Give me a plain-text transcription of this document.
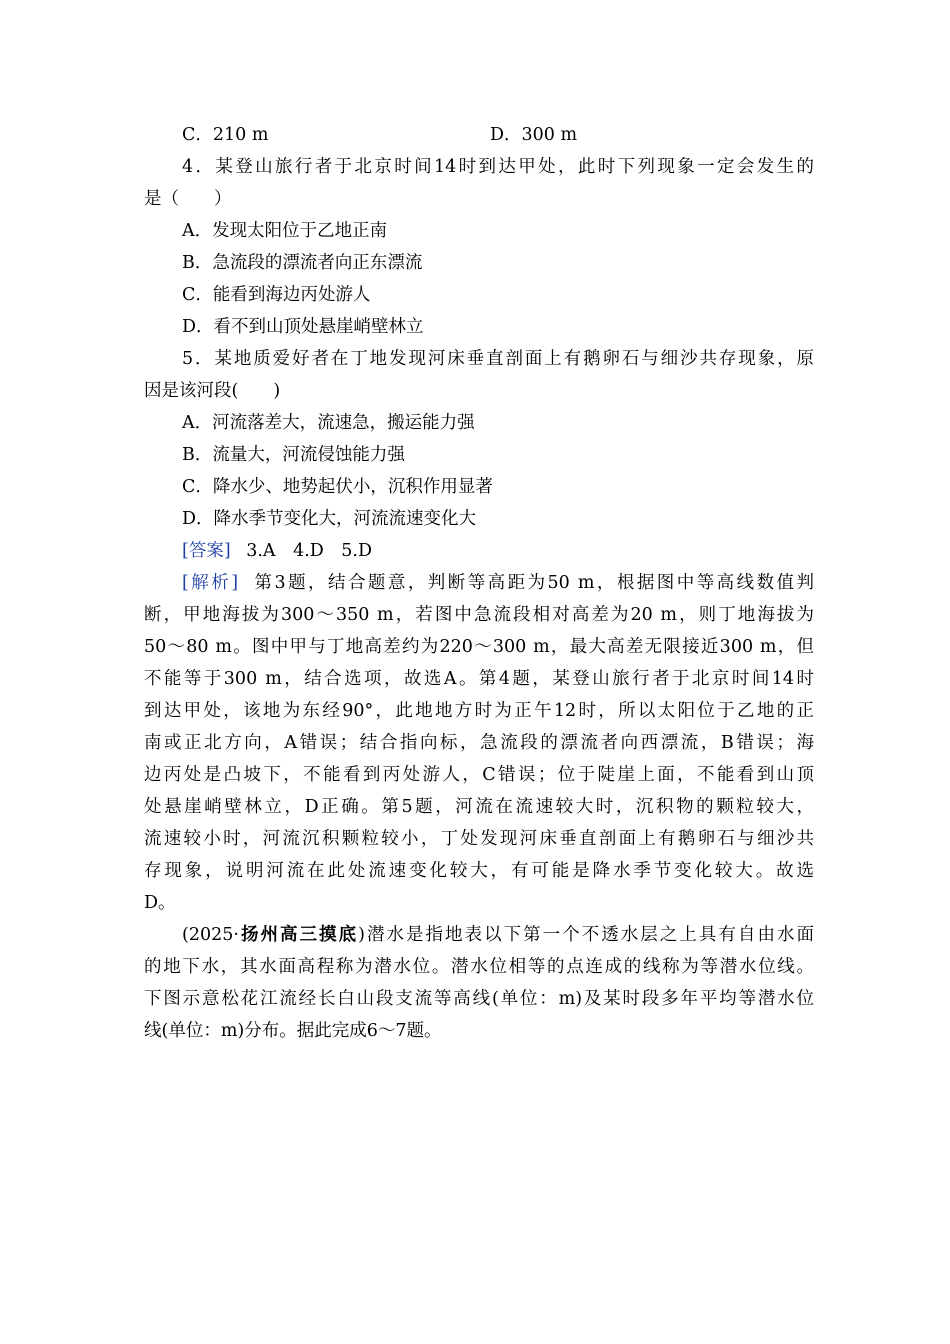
C．210 m	D．300 m
4．某登山旅行者于北京时间14时到达甲处，此时下列现象一定会发生的
是（　　）
A．发现太阳位于乙地正南
B．急流段的漂流者向正东漂流
C．能看到海边丙处游人
D．看不到山顶处悬崖峭壁林立
5．某地质爱好者在丁地发现河床垂直剖面上有鹅卵石与细沙共存现象，原
因是该河段(　　)
A．河流落差大，流速急，搬运能力强
B．流量大，河流侵蚀能力强
C．降水少、地势起伏小，沉积作用显著
D．降水季节变化大，河流流速变化大
[答案] 3.A　4.D　5.D
[解析] 第3题，结合题意，判断等高距为50 m，根据图中等高线数值判
断，甲地海拔为300～350 m，若图中急流段相对高差为20 m，则丁地海拔为
50～80 m。图中甲与丁地高差约为220～300 m，最大高差无限接近300 m，但
不能等于300 m，结合选项，故选A。第4题，某登山旅行者于北京时间14时
到达甲处，该地为东经90°，此地地方时为正午12时，所以太阳位于乙地的正
南或正北方向，A错误；结合指向标，急流段的漂流者向西漂流，B错误；海
边丙处是凸坡下，不能看到丙处游人，C错误；位于陡崖上面，不能看到山顶
处悬崖峭壁林立，D正确。第5题，河流在流速较大时，沉积物的颗粒较大，
流速较小时，河流沉积颗粒较小，丁处发现河床垂直剖面上有鹅卵石与细沙共
存现象，说明河流在此处流速变化较大，有可能是降水季节变化较大。故选
D。
(2025·扬州高三摸底)潜水是指地表以下第一个不透水层之上具有自由水面
的地下水，其水面高程称为潜水位。潜水位相等的点连成的线称为等潜水位线。
下图示意松花江流经长白山段支流等高线(单位：m)及某时段多年平均等潜水位
线(单位：m)分布。据此完成6～7题。
